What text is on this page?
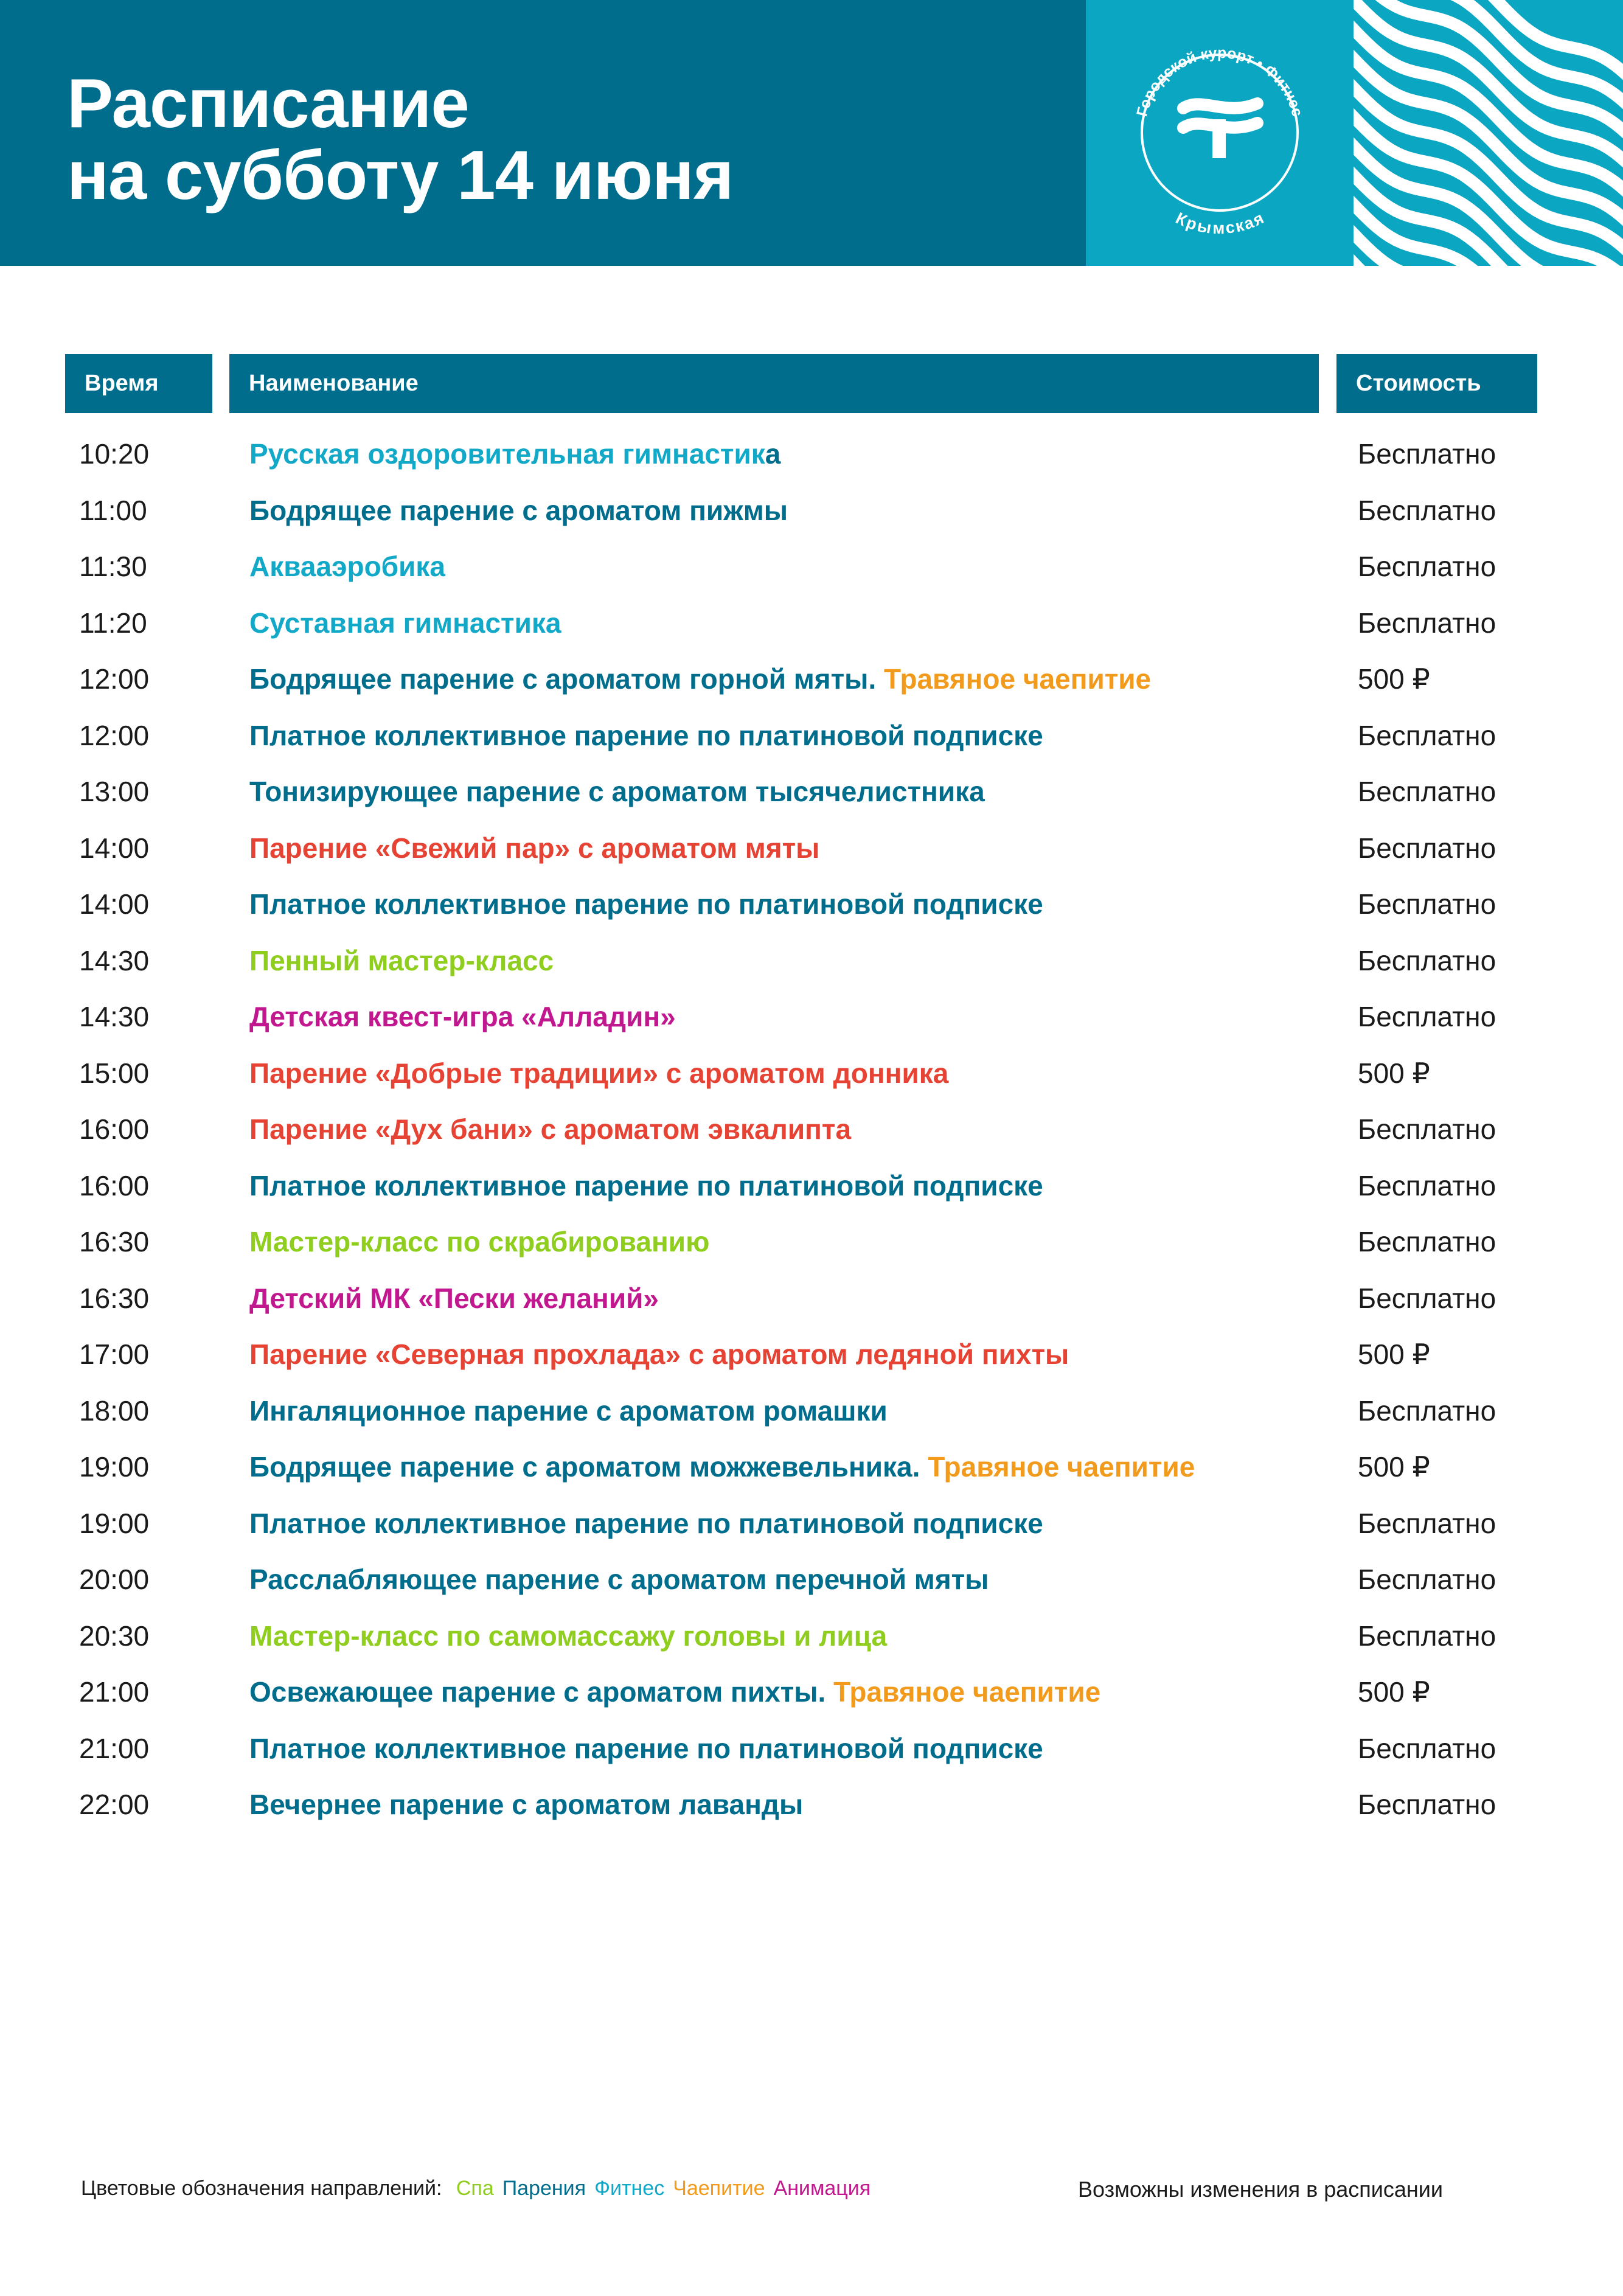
Расписание
на субботу 14 июня
Городской курорт • Фитнес
Крымская
Время	Наименование	Стоимость
10:20	Русская оздоровительная гимнастика	Бесплатно
11:00	Бодрящее парение с ароматом пижмы	Бесплатно
11:30	Аквааэробика	Бесплатно
11:20	Суставная гимнастика	Бесплатно
12:00	Бодрящее парение с ароматом горной мяты. Травяное чаепитие	500 ₽
12:00	Платное коллективное парение по платиновой подписке	Бесплатно
13:00	Тонизирующее парение с ароматом тысячелистника	Бесплатно
14:00	Парение «Свежий пар» с ароматом мяты	Бесплатно
14:00	Платное коллективное парение по платиновой подписке	Бесплатно
14:30	Пенный мастер-класс	Бесплатно
14:30	Детская квест-игра «Алладин»	Бесплатно
15:00	Парение «Добрые традиции» с ароматом донника	500 ₽
16:00	Парение «Дух бани» с ароматом эвкалипта	Бесплатно
16:00	Платное коллективное парение по платиновой подписке	Бесплатно
16:30	Мастер-класс по скрабированию	Бесплатно
16:30	Детский МК «Пески желаний»	Бесплатно
17:00	Парение «Северная прохлада» с ароматом ледяной пихты	500 ₽
18:00	Ингаляционное парение с ароматом ромашки	Бесплатно
19:00	Бодрящее парение с ароматом можжевельника. Травяное чаепитие	500 ₽
19:00	Платное коллективное парение по платиновой подписке	Бесплатно
20:00	Расслабляющее парение с ароматом перечной мяты	Бесплатно
20:30	Мастер-класс по самомассажу головы и лица	Бесплатно
21:00	Освежающее парение с ароматом пихты. Травяное чаепитие	500 ₽
21:00	Платное коллективное парение по платиновой подписке	Бесплатно
22:00	Вечернее парение с ароматом лаванды	Бесплатно
Цветовые обозначения направлений: Спа Парения Фитнес Чаепитие Анимация	Возможны изменения в расписании
